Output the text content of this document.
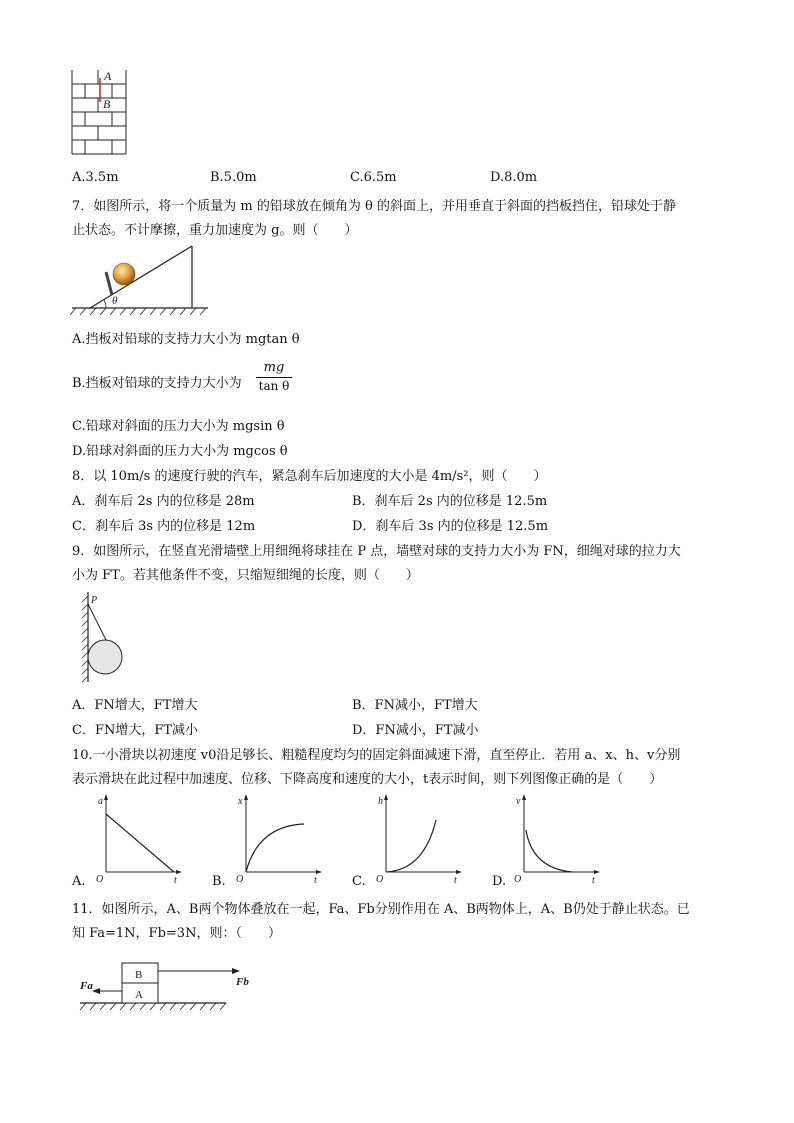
A
B
A.3.5m	B.5.0m	C.6.5m	D.8.0m
7．如图所示，将一个质量为 m 的铅球放在倾角为 θ 的斜面上，并用垂直于斜面的挡板挡住，铅球处于静
止状态。不计摩擦，重力加速度为 g。则（　　）
θ
A.挡板对铅球的支持力大小为 mgtan θ
B.挡板对铅球的支持力大小为
mg
tan θ
C.铅球对斜面的压力大小为 mgsin θ
D.铅球对斜面的压力大小为 mgcos θ
8．以 10m/s 的速度行驶的汽车，紧急刹车后加速度的大小是 4m/s²，则（　　）
A．刹车后 2s 内的位移是 28m	B．刹车后 2s 内的位移是 12.5m
C．刹车后 3s 内的位移是 12m	D．刹车后 3s 内的位移是 12.5m
9．如图所示，在竖直光滑墙壁上用细绳将球挂在 P 点，墙壁对球的支持力大小为 FN，细绳对球的拉力大
小为 FT。若其他条件不变，只缩短细绳的长度，则（　　）
P
A．FN增大，FT增大	B．FN减小，FT增大
C．FN增大，FT减小	D．FN减小，FT减小
10.一小滑块以初速度 v0沿足够长、粗糙程度均匀的固定斜面减速下滑，直至停止．若用 a、x、h、v分别
表示滑块在此过程中加速度、位移、下降高度和速度的大小，t表示时间，则下列图像正确的是（　　）
A.
a
O	t	B.
x
O	t	C.
h
O	t	D.
v
O	t
11．如图所示，A、B两个物体叠放在一起，Fa、Fb分别作用在 A、B两物体上，A、B仍处于静止状态。已
知 Fa=1N，Fb=3N，则：（　　）
B
A
Fb
Fa
